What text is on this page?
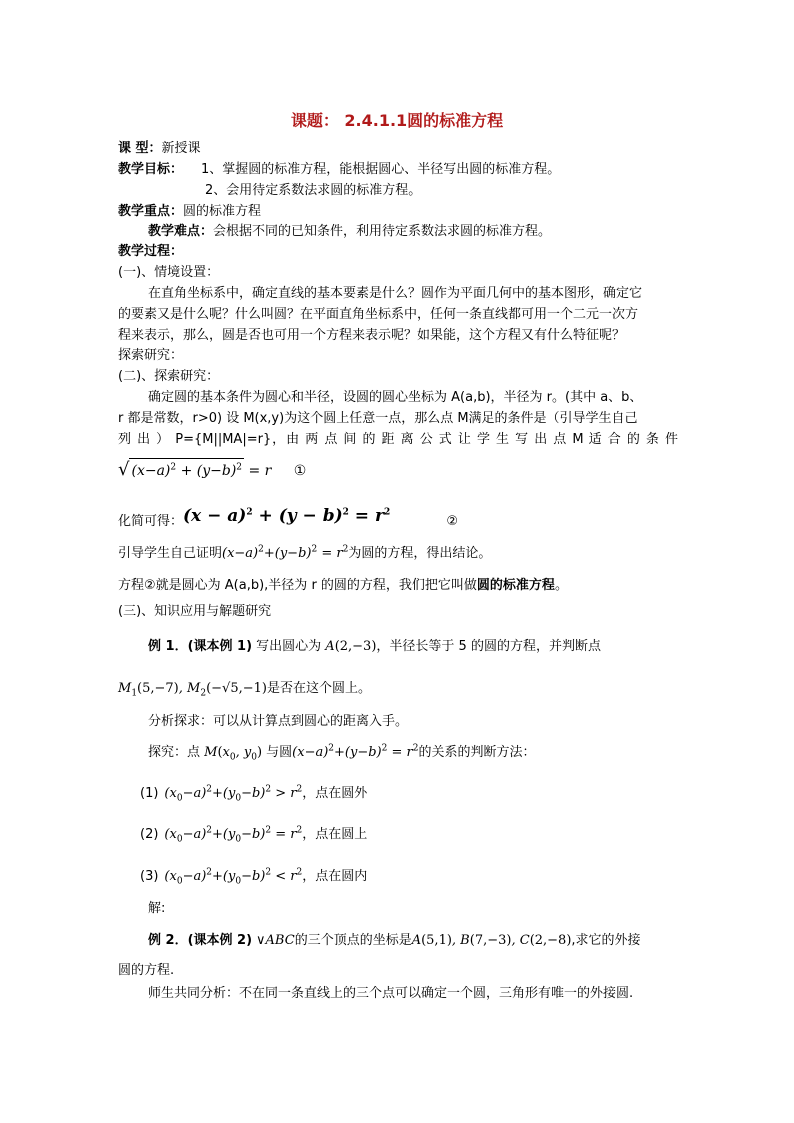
课题： 2.4.1.1圆的标准方程
课 型：新授课
教学目标： 1、掌握圆的标准方程，能根据圆心、半径写出圆的标准方程。
2、会用待定系数法求圆的标准方程。
教学重点：圆的标准方程
教学难点：会根据不同的已知条件，利用待定系数法求圆的标准方程。
教学过程：
(一)、情境设置：
在直角坐标系中，确定直线的基本要素是什么？圆作为平面几何中的基本图形，确定它
的要素又是什么呢？什么叫圆？在平面直角坐标系中，任何一条直线都可用一个二元一次方
程来表示，那么，圆是否也可用一个方程来表示呢？如果能，这个方程又有什么特征呢？
探索研究：
(二)、探索研究：
确定圆的基本条件为圆心和半径，设圆的圆心坐标为 A(a,b)，半径为 r。(其中 a、b、
r 都是常数，r>0) 设 M(x,y)为这个圆上任意一点，那么点 M满足的条件是（引导学生自己
列 出 ） P={M||MA|=r}，由 两 点 间 的 距 离 公 式 让 学 生 写 出 点 M 适 合 的 条 件
√ $(x-a)^2 + (y-b)^2 = r$ ①
化简可得：$(x - a)^2 + (y - b)^2 = r^2$ ②
引导学生自己证明$(x-a)^2+(y-b)^2 = r^2$为圆的方程，得出结论。
方程②就是圆心为 A(a,b),半径为 r 的圆的方程，我们把它叫做圆的标准方程。
(三)、知识应用与解题研究
例 1．(课本例 1) 写出圆心为 A(2,−3)，半径长等于 5 的圆的方程，并判断点
$M_1(5,-7)$, $M_2(-√5,-1)$是否在这个圆上。
分析探求：可以从计算点到圆心的距离入手。
探究：点 $M(x_0$, $y_0$) 与圆$(x-a)^2+(y-b)^2 = r^2$的关系的判断方法：
(1) $(x_0-a)^2+(y_0-b)^2 > r^2$，点在圆外
(2) $(x_0-a)^2+(y_0-b)^2 = r^2$，点在圆上
(3) $(x_0-a)^2+(y_0-b)^2 < r^2$，点在圆内
解:
例 2．(课本例 2) ∨ABC的三个顶点的坐标是A(5,1), B(7,−3), C(2,−8),求它的外接
圆的方程.
师生共同分析：不在同一条直线上的三个点可以确定一个圆，三角形有唯一的外接圆.
